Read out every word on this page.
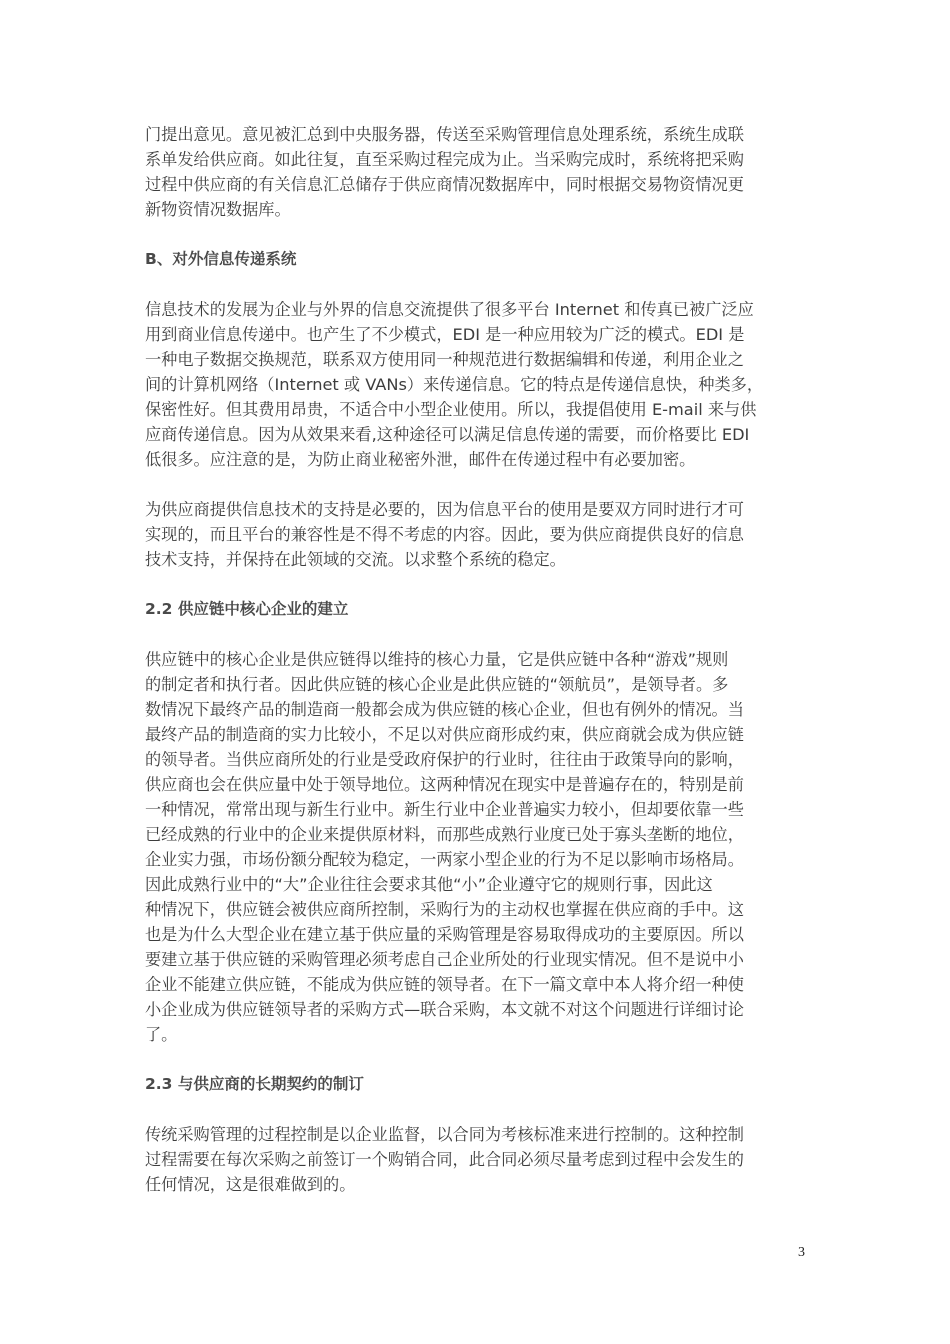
门提出意见。意见被汇总到中央服务器，传送至采购管理信息处理系统，系统生成联
系单发给供应商。如此往复，直至采购过程完成为止。当采购完成时，系统将把采购
过程中供应商的有关信息汇总储存于供应商情况数据库中，同时根据交易物资情况更
新物资情况数据库。

B、对外信息传递系统

信息技术的发展为企业与外界的信息交流提供了很多平台 Internet 和传真已被广泛应
用到商业信息传递中。也产生了不少模式，EDI 是一种应用较为广泛的模式。EDI 是
一种电子数据交换规范，联系双方使用同一种规范进行数据编辑和传递，利用企业之
间的计算机网络（Internet 或 VANs）来传递信息。它的特点是传递信息快，种类多，
保密性好。但其费用昂贵，不适合中小型企业使用。所以，我提倡使用 E-mail 来与供
应商传递信息。因为从效果来看,这种途径可以满足信息传递的需要，而价格要比 EDI
低很多。应注意的是，为防止商业秘密外泄，邮件在传递过程中有必要加密。

为供应商提供信息技术的支持是必要的，因为信息平台的使用是要双方同时进行才可
实现的，而且平台的兼容性是不得不考虑的内容。因此，要为供应商提供良好的信息
技术支持，并保持在此领域的交流。以求整个系统的稳定。

2.2 供应链中核心企业的建立

供应链中的核心企业是供应链得以维持的核心力量，它是供应链中各种“游戏”规则
的制定者和执行者。因此供应链的核心企业是此供应链的“领航员”，是领导者。多
数情况下最终产品的制造商一般都会成为供应链的核心企业，但也有例外的情况。当
最终产品的制造商的实力比较小，不足以对供应商形成约束，供应商就会成为供应链
的领导者。当供应商所处的行业是受政府保护的行业时，往往由于政策导向的影响，
供应商也会在供应量中处于领导地位。这两种情况在现实中是普遍存在的，特别是前
一种情况，常常出现与新生行业中。新生行业中企业普遍实力较小，但却要依靠一些
已经成熟的行业中的企业来提供原材料，而那些成熟行业度已处于寡头垄断的地位，
企业实力强，市场份额分配较为稳定，一两家小型企业的行为不足以影响市场格局。
因此成熟行业中的“大”企业往往会要求其他“小”企业遵守它的规则行事，因此这
种情况下，供应链会被供应商所控制，采购行为的主动权也掌握在供应商的手中。这
也是为什么大型企业在建立基于供应量的采购管理是容易取得成功的主要原因。所以
要建立基于供应链的采购管理必须考虑自己企业所处的行业现实情况。但不是说中小
企业不能建立供应链，不能成为供应链的领导者。在下一篇文章中本人将介绍一种使
小企业成为供应链领导者的采购方式—联合采购，本文就不对这个问题进行详细讨论
了。

2.3 与供应商的长期契约的制订

传统采购管理的过程控制是以企业监督，以合同为考核标准来进行控制的。这种控制
过程需要在每次采购之前签订一个购销合同，此合同必须尽量考虑到过程中会发生的
任何情况，这是很难做到的。

3
